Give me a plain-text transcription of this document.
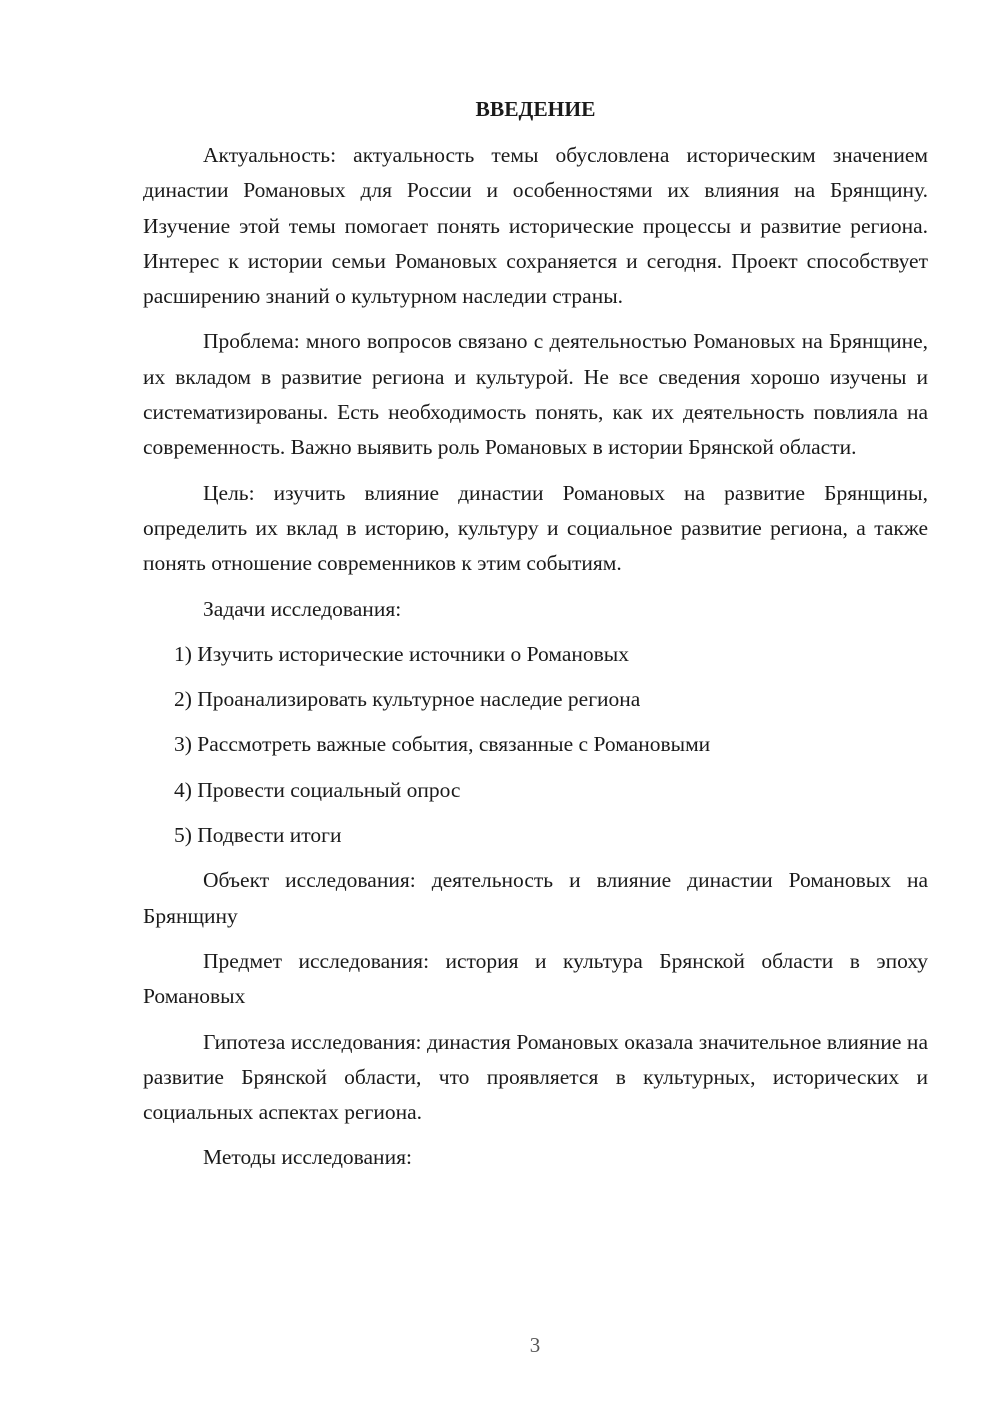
ВВЕДЕНИЕ

Актуальность: актуальность темы обусловлена историческим значением династии Романовых для России и особенностями их влияния на Брянщину. Изучение этой темы помогает понять исторические процессы и развитие региона. Интерес к истории семьи Романовых сохраняется и сегодня. Проект способствует расширению знаний о культурном наследии страны.

Проблема: много вопросов связано с деятельностью Романовых на Брянщине, их вкладом в развитие региона и культурой. Не все сведения хорошо изучены и систематизированы. Есть необходимость понять, как их деятельность повлияла на современность. Важно выявить роль Романовых в истории Брянской области.

Цель: изучить влияние династии Романовых на развитие Брянщины, определить их вклад в историю, культуру и социальное развитие региона, а также понять отношение современников к этим событиям.

Задачи исследования:

1) Изучить исторические источники о Романовых
2) Проанализировать культурное наследие региона
3) Рассмотреть важные события, связанные с Романовыми
4) Провести социальный опрос
5) Подвести итоги

Объект исследования: деятельность и влияние династии Романовых на Брянщину

Предмет исследования: история и культура Брянской области в эпоху Романовых

Гипотеза исследования: династия Романовых оказала значительное влияние на развитие Брянской области, что проявляется в культурных, исторических и социальных аспектах региона.

Методы исследования:

3
